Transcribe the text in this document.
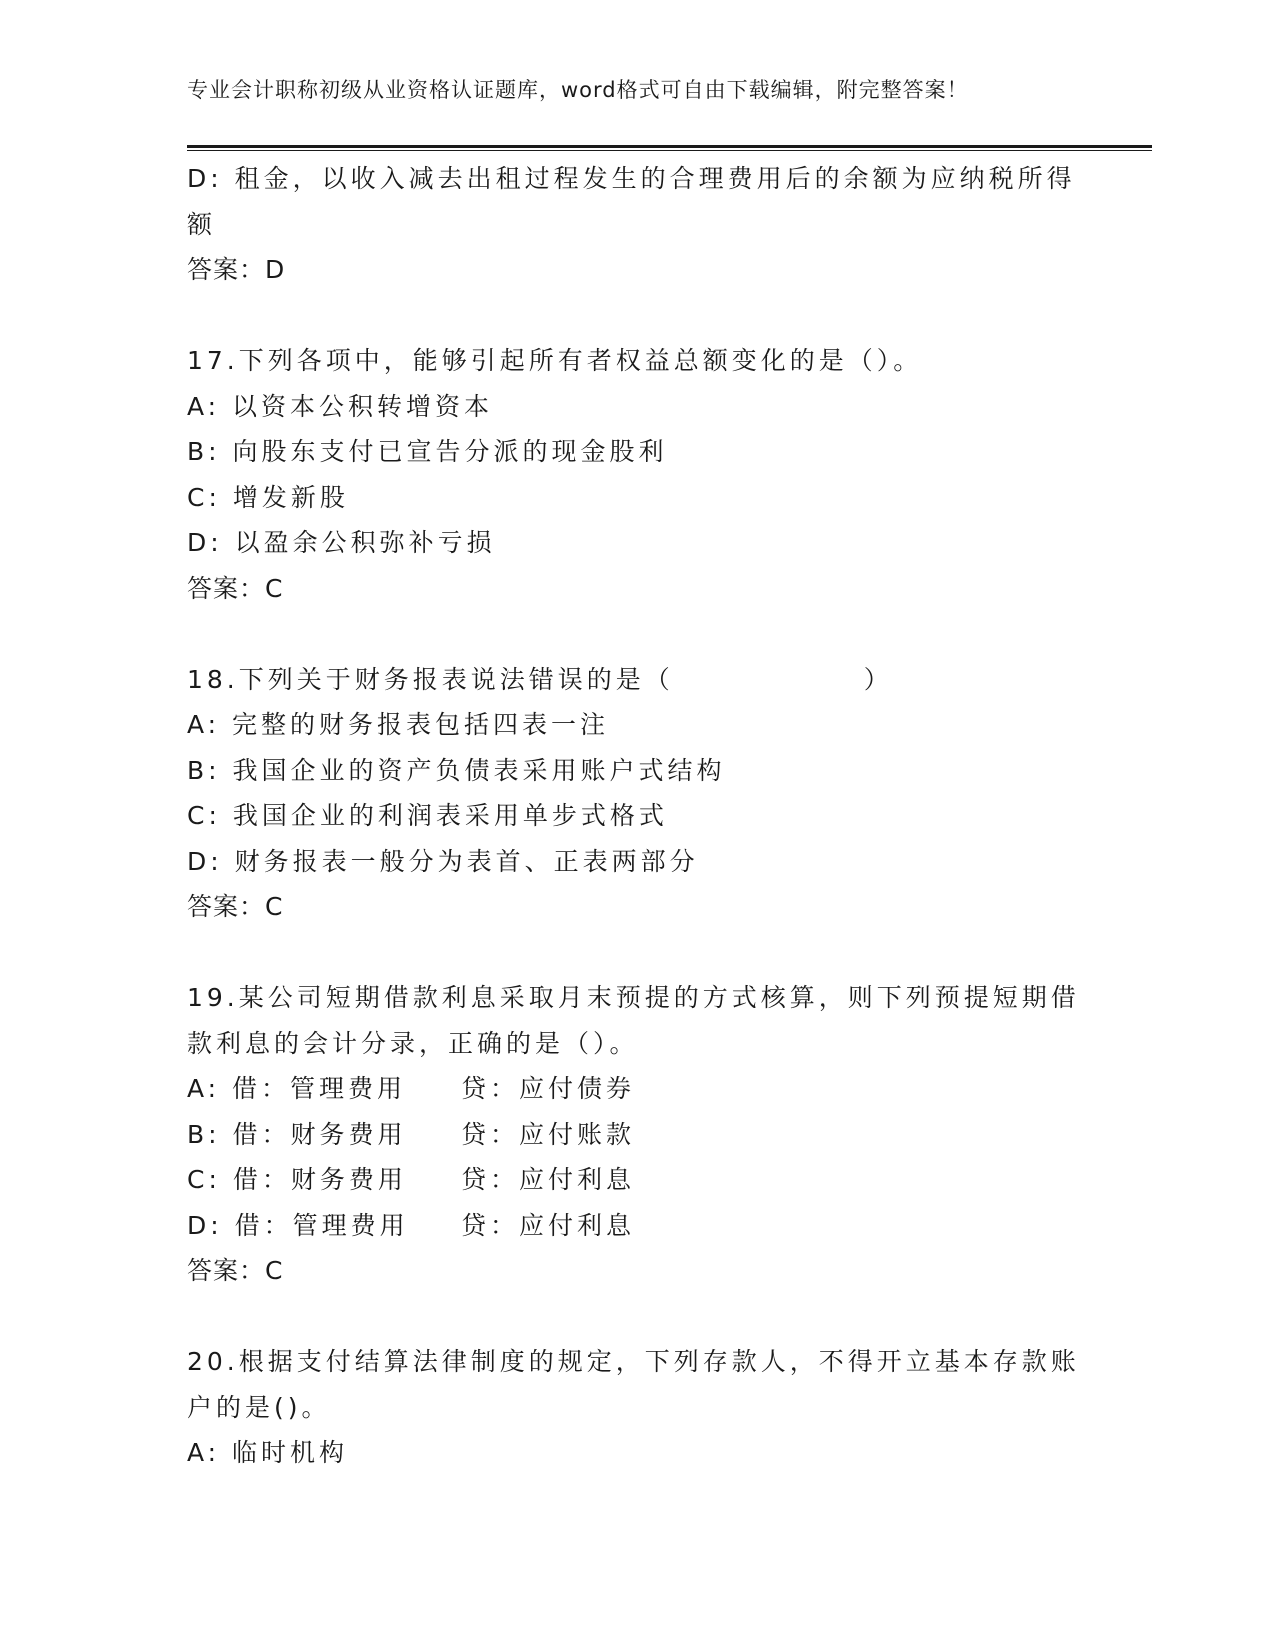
专业会计职称初级从业资格认证题库，word格式可自由下载编辑，附完整答案！
D: 租金，以收入减去出租过程发生的合理费用后的余额为应纳税所得
额
答案：D
17.下列各项中，能够引起所有者权益总额变化的是（）。
A: 以资本公积转增资本
B: 向股东支付已宣告分派的现金股利
C: 增发新股
D: 以盈余公积弥补亏损
答案：C
18.下列关于财务报表说法错误的是（	）
A: 完整的财务报表包括四表一注
B: 我国企业的资产负债表采用账户式结构
C: 我国企业的利润表采用单步式格式
D: 财务报表一般分为表首、正表两部分
答案：C
19.某公司短期借款利息采取月末预提的方式核算，则下列预提短期借
款利息的会计分录，正确的是（）。
A: 借：管理费用 贷：应付债券
B: 借：财务费用 贷：应付账款
C: 借：财务费用 贷：应付利息
D: 借：管理费用 贷：应付利息
答案：C
20.根据支付结算法律制度的规定，下列存款人，不得开立基本存款账
户的是()。
A: 临时机构
